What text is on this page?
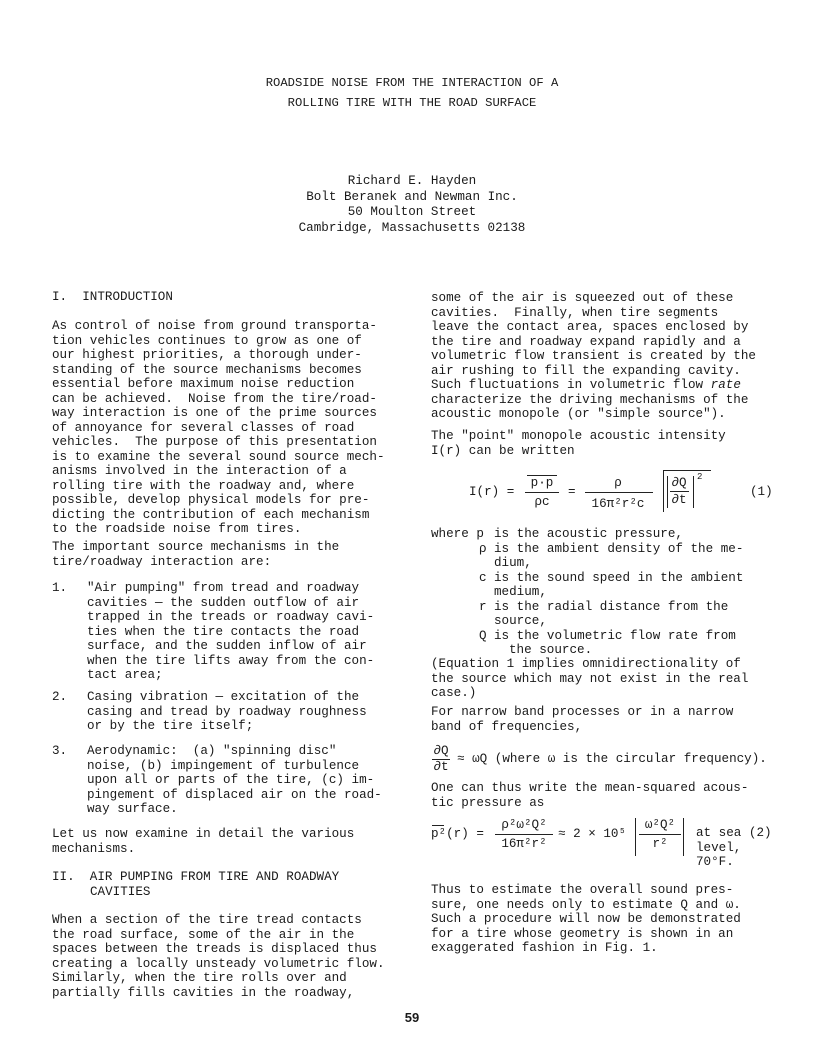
ROADSIDE NOISE FROM THE INTERACTION OF A
ROLLING TIRE WITH THE ROAD SURFACE
Richard E. Hayden
Bolt Beranek and Newman Inc.
50 Moulton Street
Cambridge, Massachusetts 02138
I.  INTRODUCTION
As control of noise from ground transporta-
tion vehicles continues to grow as one of
our highest priorities, a thorough under-
standing of the source mechanisms becomes
essential before maximum noise reduction
can be achieved.  Noise from the tire/road-
way interaction is one of the prime sources
of annoyance for several classes of road
vehicles.  The purpose of this presentation
is to examine the several sound source mech-
anisms involved in the interaction of a
rolling tire with the roadway and, where
possible, develop physical models for pre-
dicting the contribution of each mechanism
to the roadside noise from tires.
The important source mechanisms in the
tire/roadway interaction are:
1. "Air pumping" from tread and roadway
cavities — the sudden outflow of air
trapped in the treads or roadway cavi-
ties when the tire contacts the road
surface, and the sudden inflow of air
when the tire lifts away from the con-
tact area;
2. Casing vibration — excitation of the
casing and tread by roadway roughness
or by the tire itself;
3. Aerodynamic:  (a) "spinning disc"
noise, (b) impingement of turbulence
upon all or parts of the tire, (c) im-
pingement of displaced air on the road-
way surface.
Let us now examine in detail the various
mechanisms.
II.  AIR PUMPING FROM TIRE AND ROADWAY
CAVITIES
When a section of the tire tread contacts
the road surface, some of the air in the
spaces between the treads is displaced thus
creating a locally unsteady volumetric flow.
Similarly, when the tire rolls over and
partially fills cavities in the roadway,
some of the air is squeezed out of these
cavities.  Finally, when tire segments
leave the contact area, spaces enclosed by
the tire and roadway expand rapidly and a
volumetric flow transient is created by the
air rushing to fill the expanding cavity.
Such fluctuations in volumetric flow rate
characterize the driving mechanisms of the
acoustic monopole (or "simple source").
The "point" monopole acoustic intensity
I(r) can be written
I(r) =
p·p
ρc
=
ρ
16π²r²c
∂Q
∂t
2
(1)
where p is the acoustic pressure,
ρ is the ambient density of the me-
dium,
c is the sound speed in the ambient
medium,
r is the radial distance from the
source,
Q is the volumetric flow rate from
the source.
(Equation 1 implies omnidirectionality of
the source which may not exist in the real
case.)
For narrow band processes or in a narrow
band of frequencies,
∂Q
∂t
≈ ωQ (where ω is the circular frequency).
One can thus write the mean-squared acous-
tic pressure as
p²(r) =
ρ²ω²Q²
16π²r²
≈ 2 × 10⁵
ω²Q²
r²
at sea (2)
level,
70°F.
Thus to estimate the overall sound pres-
sure, one needs only to estimate Q and ω.
Such a procedure will now be demonstrated
for a tire whose geometry is shown in an
exaggerated fashion in Fig. 1.
59
